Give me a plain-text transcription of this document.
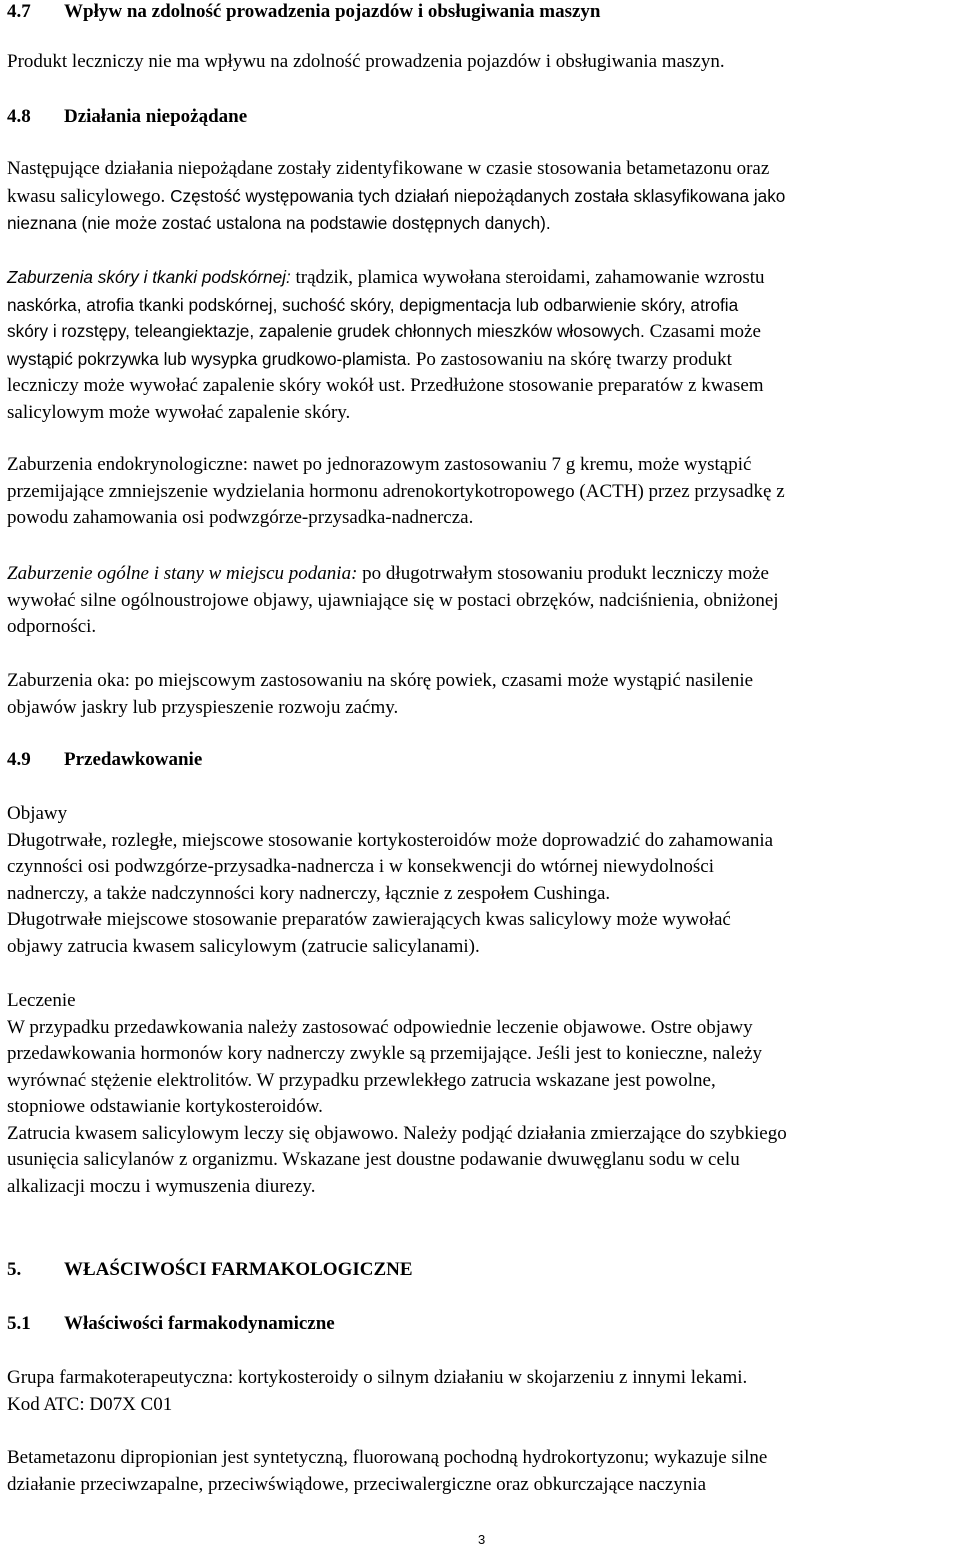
4.7 Wpływ na zdolność prowadzenia pojazdów i obsługiwania maszyn
Produkt leczniczy nie ma wpływu na zdolność prowadzenia pojazdów i obsługiwania maszyn.
4.8 Działania niepożądane
Następujące działania niepożądane zostały zidentyfikowane w czasie stosowania betametazonu oraz
kwasu salicylowego. Częstość występowania tych działań niepożądanych została sklasyfikowana jako
nieznana (nie może zostać ustalona na podstawie dostępnych danych).
Zaburzenia skóry i tkanki podskórnej: trądzik, plamica wywołana steroidami, zahamowanie wzrostu
naskórka, atrofia tkanki podskórnej, suchość skóry, depigmentacja lub odbarwienie skóry, atrofia
skóry i rozstępy, teleangiektazje, zapalenie grudek chłonnych mieszków włosowych. Czasami może
wystąpić pokrzywka lub wysypka grudkowo-plamista. Po zastosowaniu na skórę twarzy produkt
leczniczy może wywołać zapalenie skóry wokół ust. Przedłużone stosowanie preparatów z kwasem
salicylowym może wywołać zapalenie skóry.
Zaburzenia endokrynologiczne: nawet po jednorazowym zastosowaniu 7 g kremu, może wystąpić
przemijające zmniejszenie wydzielania hormonu adrenokortykotropowego (ACTH) przez przysadkę z
powodu zahamowania osi podwzgórze-przysadka-nadnercza.
Zaburzenie ogólne i stany w miejscu podania: po długotrwałym stosowaniu produkt leczniczy może
wywołać silne ogólnoustrojowe objawy, ujawniające się w postaci obrzęków, nadciśnienia, obniżonej
odporności.
Zaburzenia oka: po miejscowym zastosowaniu na skórę powiek, czasami może wystąpić nasilenie
objawów jaskry lub przyspieszenie rozwoju zaćmy.
4.9 Przedawkowanie
Objawy
Długotrwałe, rozległe, miejscowe stosowanie kortykosteroidów może doprowadzić do zahamowania
czynności osi podwzgórze-przysadka-nadnercza i w konsekwencji do wtórnej niewydolności
nadnerczy, a także nadczynności kory nadnerczy, łącznie z zespołem Cushinga.
Długotrwałe miejscowe stosowanie preparatów zawierających kwas salicylowy może wywołać
objawy zatrucia kwasem salicylowym (zatrucie salicylanami).
Leczenie
W przypadku przedawkowania należy zastosować odpowiednie leczenie objawowe. Ostre objawy
przedawkowania hormonów kory nadnerczy zwykle są przemijające. Jeśli jest to konieczne, należy
wyrównać stężenie elektrolitów. W przypadku przewlekłego zatrucia wskazane jest powolne,
stopniowe odstawianie kortykosteroidów.
Zatrucia kwasem salicylowym leczy się objawowo. Należy podjąć działania zmierzające do szybkiego
usunięcia salicylanów z organizmu. Wskazane jest doustne podawanie dwuwęglanu sodu w celu
alkalizacji moczu i wymuszenia diurezy.
5. WŁAŚCIWOŚCI FARMAKOLOGICZNE
5.1 Właściwości farmakodynamiczne
Grupa farmakoterapeutyczna: kortykosteroidy o silnym działaniu w skojarzeniu z innymi lekami.
Kod ATC: D07X C01
Betametazonu dipropionian jest syntetyczną, fluorowaną pochodną hydrokortyzonu; wykazuje silne
działanie przeciwzapalne, przeciwświądowe, przeciwalergiczne oraz obkurczające naczynia
3
